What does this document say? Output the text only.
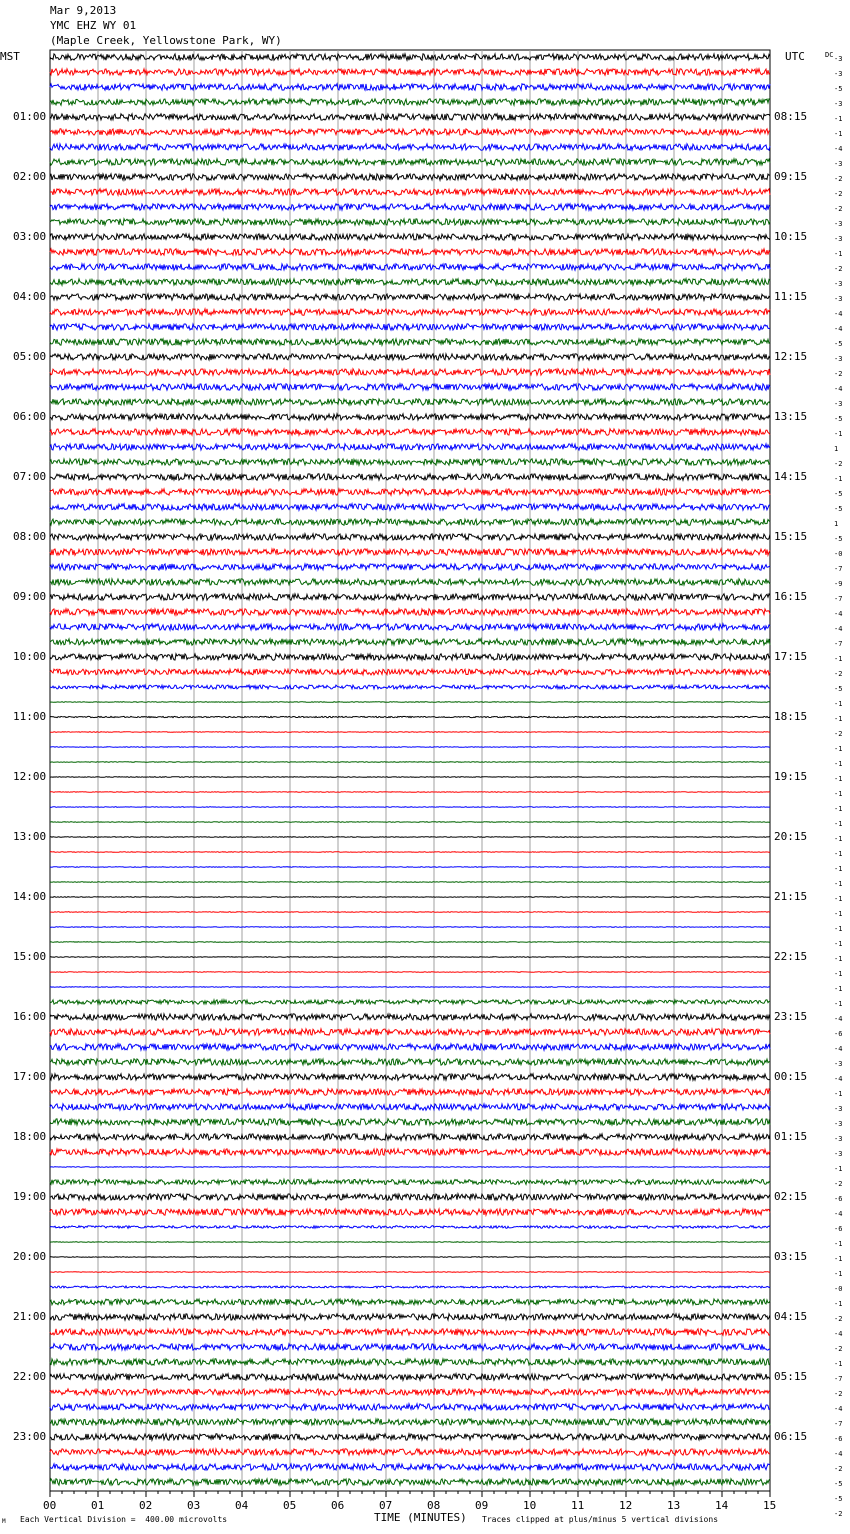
Mar 9,2013
YMC EHZ WY 01
(Maple Creek, Yellowstone Park, WY)
MST	UTC	DC
TIME (MINUTES)
Each Vertical Division =  400.00 microvolts	Traces clipped at plus/minus 5 vertical divisions
M
01:00
02:00
03:00
04:00
05:00
06:00
07:00
08:00
09:00
10:00
11:00
12:00
13:00
14:00
15:00
16:00
17:00
18:00
19:00
20:00
21:00
22:00
23:00
08:15
09:15
10:15
11:15
12:15
13:15
14:15
15:15
16:15
17:15
18:15
19:15
20:15
21:15
22:15
23:15
00:15
01:15
02:15
03:15
04:15
05:15
06:15
-3
-3
-5
-3
-1
-1
-4
-3
-2
-2
-2
-3
-3
-1
-2
-3
-3
-4
-4
-5
-3
-2
-4
-3
-5
-1
1
-2
-1
-5
-5
1
-5
-0
-7
-9
-7
-4
-4
-7
-1
-2
-5
-1
-1
-2
-1
-1
-1
-1
-1
-1
-1
-1
-1
-1
-1
-1
-1
-1
-1
-1
-1
-1
-4
-6
-4
-3
-4
-1
-3
-3
-3
-3
-1
-2
-6
-4
-6
-1
-1
-1
-0
-1
-2
-4
-2
-1
-7
-2
-4
-7
-6
-4
-2
-5
-5
-2
00	01	02	03	04	05	06	07	08	09	10	11	12	13	14	15
